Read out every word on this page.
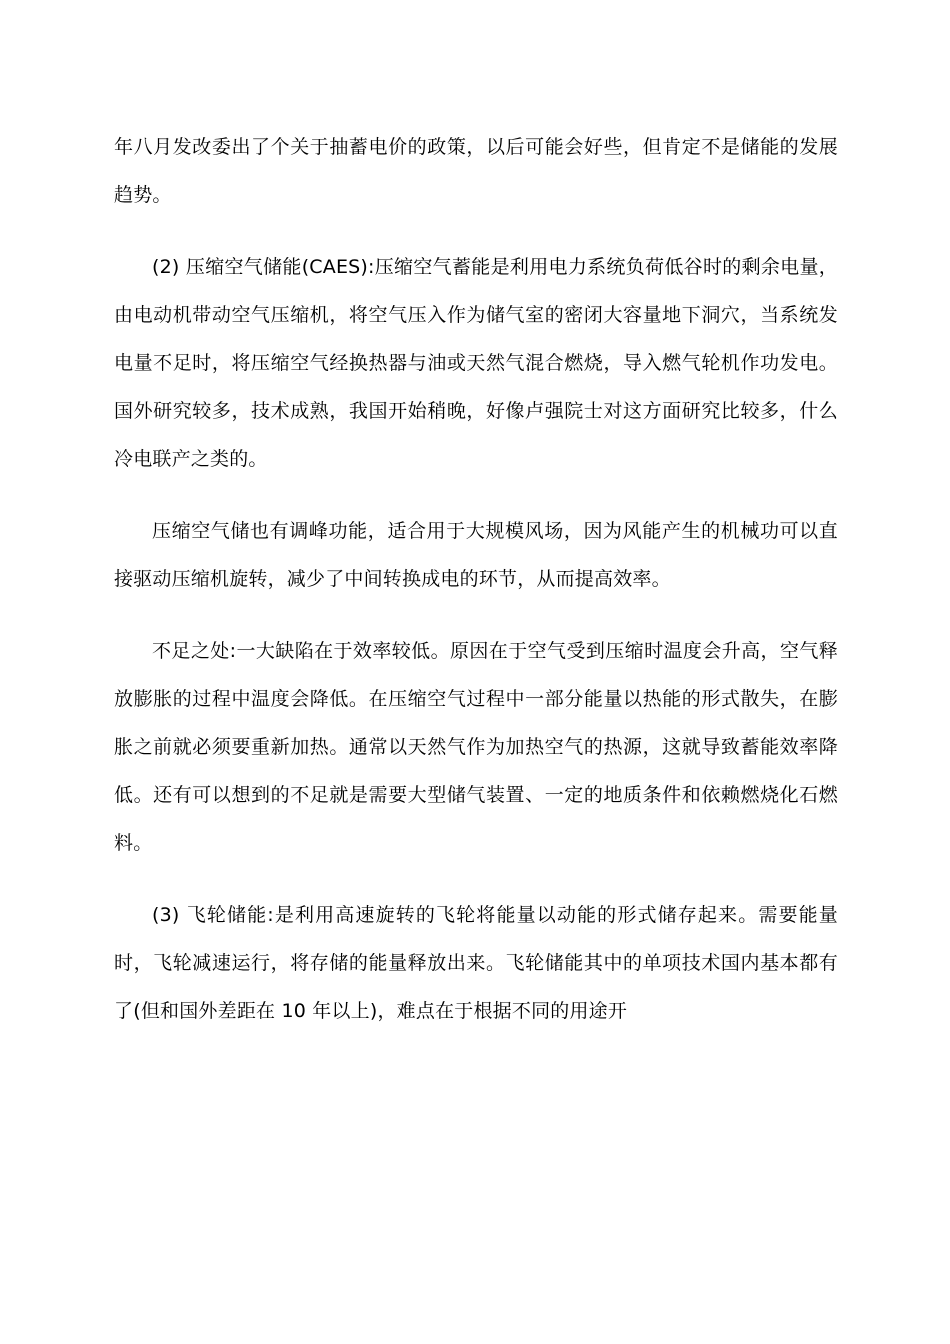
年八月发改委出了个关于抽蓄电价的政策，以后可能会好些，但肯定不是储能的发展趋势。

(2) 压缩空气储能(CAES):压缩空气蓄能是利用电力系统负荷低谷时的剩余电量，由电动机带动空气压缩机，将空气压入作为储气室的密闭大容量地下洞穴，当系统发电量不足时，将压缩空气经换热器与油或天然气混合燃烧，导入燃气轮机作功发电。国外研究较多，技术成熟，我国开始稍晚，好像卢强院士对这方面研究比较多，什么冷电联产之类的。

压缩空气储也有调峰功能，适合用于大规模风场，因为风能产生的机械功可以直接驱动压缩机旋转，减少了中间转换成电的环节，从而提高效率。

不足之处:一大缺陷在于效率较低。原因在于空气受到压缩时温度会升高，空气释放膨胀的过程中温度会降低。在压缩空气过程中一部分能量以热能的形式散失，在膨胀之前就必须要重新加热。通常以天然气作为加热空气的热源，这就导致蓄能效率降低。还有可以想到的不足就是需要大型储气装置、一定的地质条件和依赖燃烧化石燃料。

(3) 飞轮储能:是利用高速旋转的飞轮将能量以动能的形式储存起来。需要能量时，飞轮减速运行，将存储的能量释放出来。飞轮储能其中的单项技术国内基本都有了(但和国外差距在 10 年以上)，难点在于根据不同的用途开
